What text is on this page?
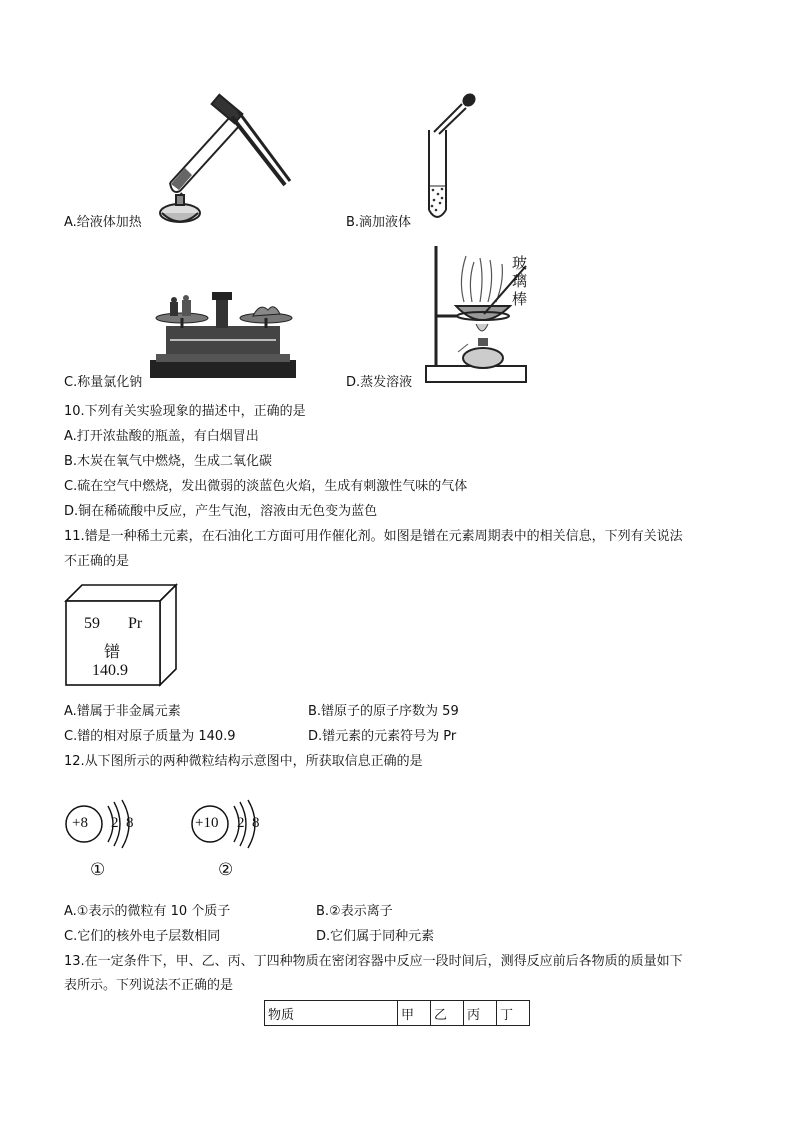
A.给液体加热	B.滴加液体
C.称量氯化钠
玻
璃
棒
D.蒸发溶液
10.下列有关实验现象的描述中，正确的是
A.打开浓盐酸的瓶盖，有白烟冒出
B.木炭在氧气中燃烧，生成二氧化碳
C.硫在空气中燃烧，发出微弱的淡蓝色火焰，生成有刺激性气味的气体
D.铜在稀硫酸中反应，产生气泡，溶液由无色变为蓝色
11.镨是一种稀土元素，在石油化工方面可用作催化剂。如图是镨在元素周期表中的相关信息，下列有关说法
不正确的是
59 Pr
镨
140.9
A.镨属于非金属元素	B.镨原子的原子序数为 59
C.镨的相对原子质量为 140.9	D.镨元素的元素符号为 Pr
12.从下图所示的两种微粒结构示意图中，所获取信息正确的是
+8 2 8
①
+10 2 8
②
A.①表示的微粒有 10 个质子	B.②表示离子
C.它们的核外电子层数相同	D.它们属于同种元素
13.在一定条件下，甲、乙、丙、丁四种物质在密闭容器中反应一段时间后，测得反应前后各物质的质量如下
表所示。下列说法不正确的是
物质	甲	乙	丙	丁
